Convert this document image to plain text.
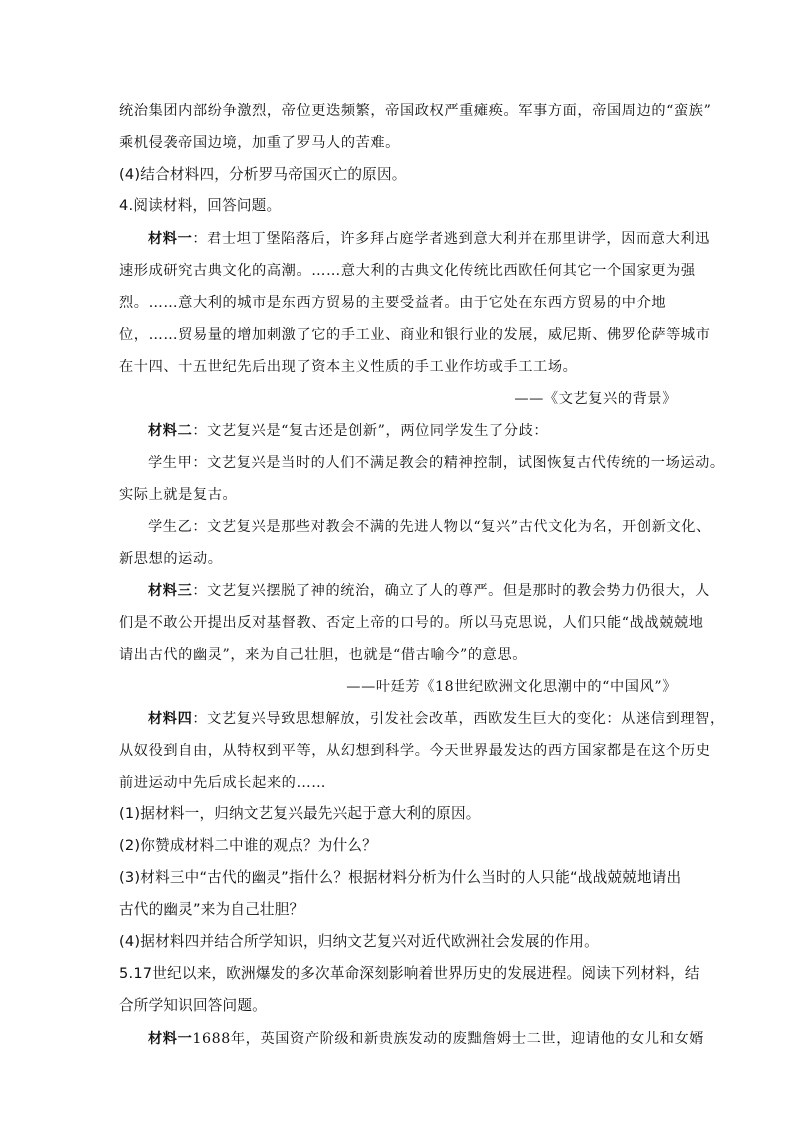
统治集团内部纷争激烈，帝位更迭频繁，帝国政权严重瘫痪。军事方面，帝国周边的“蛮族”

乘机侵袭帝国边境，加重了罗马人的苦难。

(4)结合材料四，分析罗马帝国灭亡的原因。

4.阅读材料，回答问题。

材料一：君士坦丁堡陷落后，许多拜占庭学者逃到意大利并在那里讲学，因而意大利迅

速形成研究古典文化的高潮。……意大利的古典文化传统比西欧任何其它一个国家更为强

烈。……意大利的城市是东西方贸易的主要受益者。由于它处在东西方贸易的中介地

位，……贸易量的增加刺激了它的手工业、商业和银行业的发展，威尼斯、佛罗伦萨等城市

在十四、十五世纪先后出现了资本主义性质的手工业作坊或手工工场。

——《文艺复兴的背景》

材料二：文艺复兴是“复古还是创新”，两位同学发生了分歧：

学生甲：文艺复兴是当时的人们不满足教会的精神控制，试图恢复古代传统的一场运动。

实际上就是复古。

学生乙：文艺复兴是那些对教会不满的先进人物以“复兴”古代文化为名，开创新文化、

新思想的运动。

材料三：文艺复兴摆脱了神的统治，确立了人的尊严。但是那时的教会势力仍很大，人

们是不敢公开提出反对基督教、否定上帝的口号的。所以马克思说，人们只能“战战兢兢地

请出古代的幽灵”，来为自己壮胆，也就是“借古喻今”的意思。

——叶廷芳《18世纪欧洲文化思潮中的“中国风”》

材料四：文艺复兴导致思想解放，引发社会改革，西欧发生巨大的变化：从迷信到理智，

从奴役到自由，从特权到平等，从幻想到科学。今天世界最发达的西方国家都是在这个历史

前进运动中先后成长起来的……

(1)据材料一，归纳文艺复兴最先兴起于意大利的原因。

(2)你赞成材料二中谁的观点？为什么？

(3)材料三中“古代的幽灵”指什么？根据材料分析为什么当时的人只能“战战兢兢地请出

古代的幽灵”来为自己壮胆？

(4)据材料四并结合所学知识，归纳文艺复兴对近代欧洲社会发展的作用。

5.17世纪以来，欧洲爆发的多次革命深刻影响着世界历史的发展进程。阅读下列材料，结

合所学知识回答问题。

材料一1688年，英国资产阶级和新贵族发动的废黜詹姆士二世，迎请他的女儿和女婿
